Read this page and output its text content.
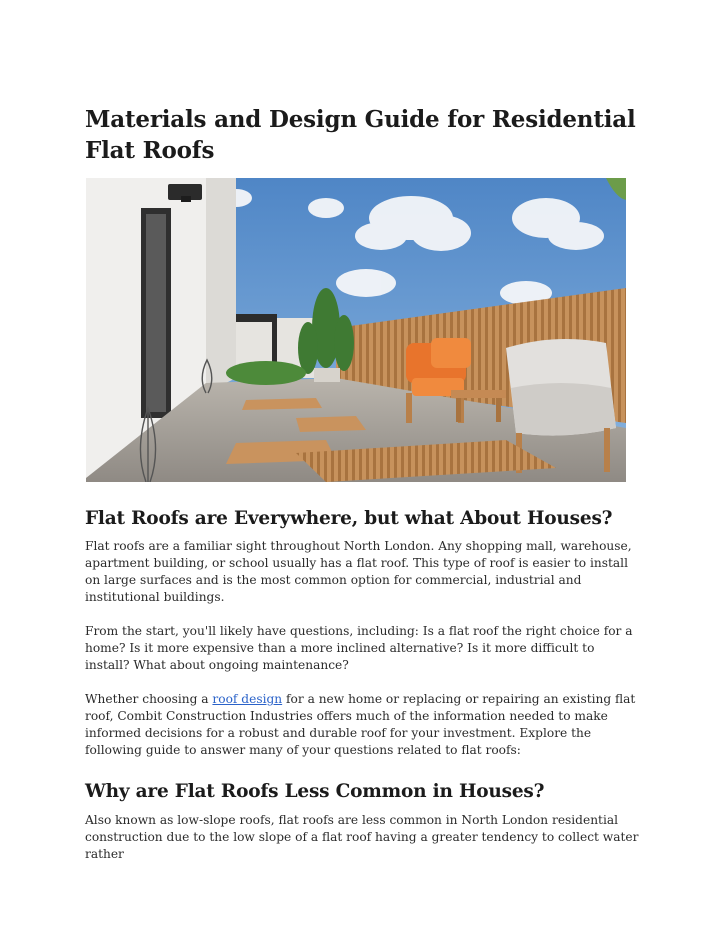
Materials and Design Guide for Residential Flat Roofs
Flat Roofs are Everywhere, but what About Houses?

Flat roofs are a familiar sight throughout North London. Any shopping mall, warehouse, apartment building, or school usually has a flat roof. This type of roof is easier to install on large surfaces and is the most common option for commercial, industrial and institutional buildings.

From the start, you'll likely have questions, including: Is a flat roof the right choice for a home? Is it more expensive than a more inclined alternative? Is it more difficult to install? What about ongoing maintenance?

Whether choosing a roof design for a new home or replacing or repairing an existing flat roof, Combit Construction Industries offers much of the information needed to make informed decisions for a robust and durable roof for your investment. Explore the following guide to answer many of your questions related to flat roofs:

Why are Flat Roofs Less Common in Houses?

Also known as low-slope roofs, flat roofs are less common in North London residential construction due to the low slope of a flat roof having a greater tendency to collect water rather
